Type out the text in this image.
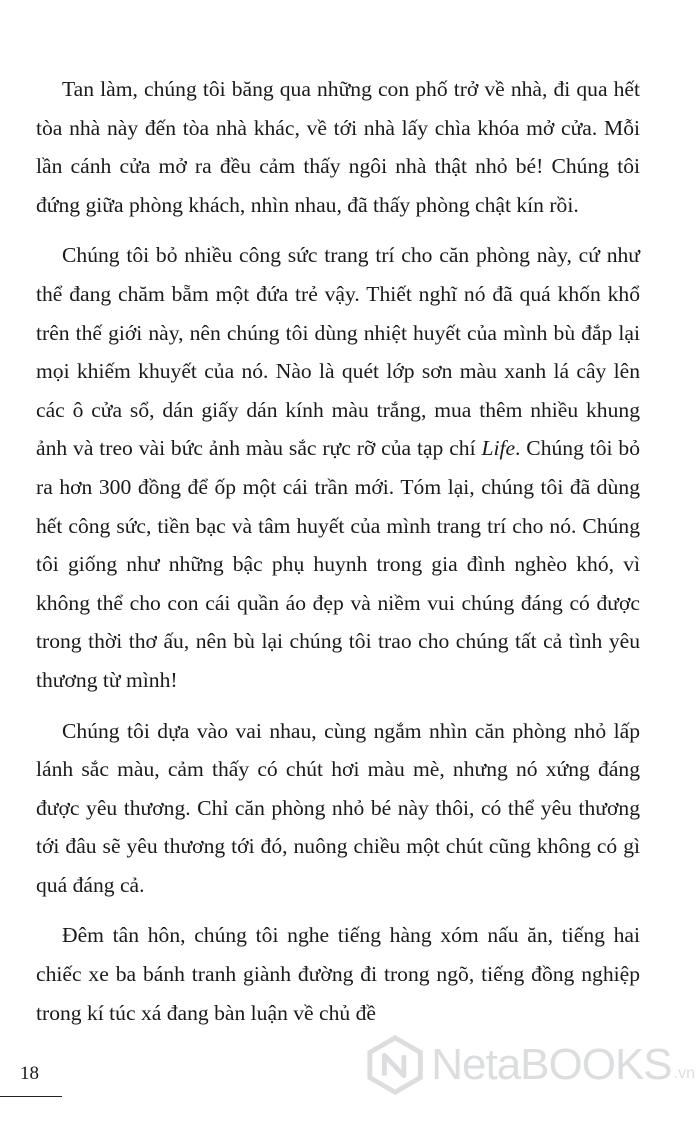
Tan làm, chúng tôi băng qua những con phố trở về nhà, đi qua hết tòa nhà này đến tòa nhà khác, về tới nhà lấy chìa khóa mở cửa. Mỗi lần cánh cửa mở ra đều cảm thấy ngôi nhà thật nhỏ bé! Chúng tôi đứng giữa phòng khách, nhìn nhau, đã thấy phòng chật kín rồi.

Chúng tôi bỏ nhiều công sức trang trí cho căn phòng này, cứ như thể đang chăm bẵm một đứa trẻ vậy. Thiết nghĩ nó đã quá khốn khổ trên thế giới này, nên chúng tôi dùng nhiệt huyết của mình bù đắp lại mọi khiếm khuyết của nó. Nào là quét lớp sơn màu xanh lá cây lên các ô cửa sổ, dán giấy dán kính màu trắng, mua thêm nhiều khung ảnh và treo vài bức ảnh màu sắc rực rỡ của tạp chí Life. Chúng tôi bỏ ra hơn 300 đồng để ốp một cái trần mới. Tóm lại, chúng tôi đã dùng hết công sức, tiền bạc và tâm huyết của mình trang trí cho nó. Chúng tôi giống như những bậc phụ huynh trong gia đình nghèo khó, vì không thể cho con cái quần áo đẹp và niềm vui chúng đáng có được trong thời thơ ấu, nên bù lại chúng tôi trao cho chúng tất cả tình yêu thương từ mình!

Chúng tôi dựa vào vai nhau, cùng ngắm nhìn căn phòng nhỏ lấp lánh sắc màu, cảm thấy có chút hơi màu mè, nhưng nó xứng đáng được yêu thương. Chỉ căn phòng nhỏ bé này thôi, có thể yêu thương tới đâu sẽ yêu thương tới đó, nuông chiều một chút cũng không có gì quá đáng cả.

Đêm tân hôn, chúng tôi nghe tiếng hàng xóm nấu ăn, tiếng hai chiếc xe ba bánh tranh giành đường đi trong ngõ, tiếng đồng nghiệp trong kí túc xá đang bàn luận về chủ đề

18	NetaBOOKS .vn
